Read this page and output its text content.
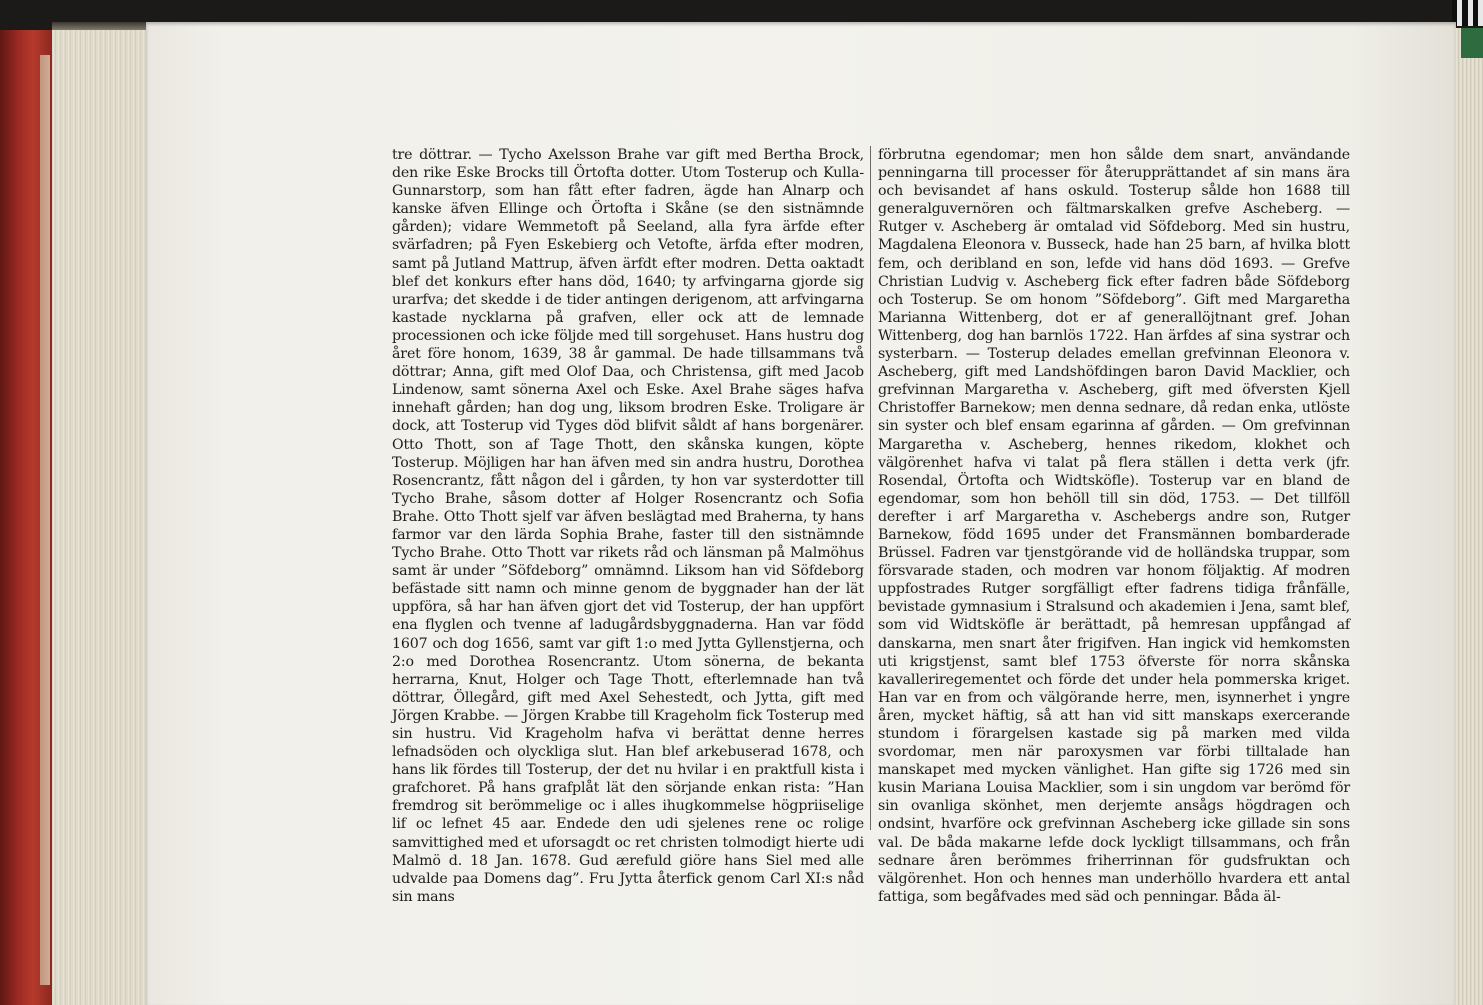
tre döttrar. — Tycho Axelsson Brahe var gift med Bertha Brock, den rike Eske Brocks till Örtofta dotter. Utom Tosterup och Kulla-Gunnarstorp, som han fått efter fadren, ägde han Alnarp och kanske äfven Ellinge och Örtofta i Skåne (se den sistnämnde gården); vidare Wemmetoft på Seeland, alla fyra ärfde efter svärfadren; på Fyen Eskebierg och Vetofte, ärfda efter modren, samt på Jutland Mattrup, äfven ärfdt efter modren. Detta oaktadt blef det konkurs efter hans död, 1640; ty arfvingarna gjorde sig urarfva; det skedde i de tider antingen derigenom, att arfvingarna kastade nycklarna på grafven, eller ock att de lemnade processionen och icke följde med till sorgehuset. Hans hustru dog året före honom, 1639, 38 år gammal. De hade tillsammans två döttrar; Anna, gift med Olof Daa, och Christensa, gift med Jacob Lindenow, samt sönerna Axel och Eske. Axel Brahe säges hafva innehaft gården; han dog ung, liksom brodren Eske. Troligare är dock, att Tosterup vid Tyges död blifvit såldt af hans borgenärer. Otto Thott, son af Tage Thott, den skånska kungen, köpte Tosterup. Möjligen har han äfven med sin andra hustru, Dorothea Rosencrantz, fått någon del i gården, ty hon var systerdotter till Tycho Brahe, såsom dotter af Holger Rosencrantz och Sofia Brahe. Otto Thott sjelf var äfven beslägtad med Braherna, ty hans farmor var den lärda Sophia Brahe, faster till den sistnämnde Tycho Brahe. Otto Thott var rikets råd och länsman på Malmöhus samt är under ”Söfdeborg” omnämnd. Liksom han vid Söfdeborg befästade sitt namn och minne genom de byggnader han der lät uppföra, så har han äfven gjort det vid Tosterup, der han uppfört ena flyglen och tvenne af ladugårdsbyggnaderna. Han var född 1607 och dog 1656, samt var gift 1:o med Jytta Gyllenstjerna, och 2:o med Dorothea Rosencrantz. Utom sönerna, de bekanta herrarna, Knut, Holger och Tage Thott, efterlemnade han två döttrar, Öllegård, gift med Axel Sehestedt, och Jytta, gift med Jörgen Krabbe. — Jörgen Krabbe till Krageholm fick Tosterup med sin hustru. Vid Krageholm hafva vi berättat denne herres lefnadsöden och olyckliga slut. Han blef arkebuserad 1678, och hans lik fördes till Tosterup, der det nu hvilar i en praktfull kista i grafchoret. På hans grafplåt lät den sörjande enkan rista: ”Han fremdrog sit berömmelige oc i alles ihugkommelse högpriiselige lif oc lefnet 45 aar. Endede den udi sjelenes rene oc rolige samvittighed med et uforsagdt oc ret christen tolmodigt hierte udi Malmö d. 18 Jan. 1678. Gud ærefuld giöre hans Siel med alle udvalde paa Domens dag”. Fru Jytta återfick genom Carl XI:s nåd sin mans

förbrutna egendomar; men hon sålde dem snart, användande penningarna till processer för återupprättandet af sin mans ära och bevisandet af hans oskuld. Tosterup sålde hon 1688 till generalguvernören och fältmarskalken grefve Ascheberg. — Rutger v. Ascheberg är omtalad vid Söfdeborg. Med sin hustru, Magdalena Eleonora v. Busseck, hade han 25 barn, af hvilka blott fem, och deribland en son, lefde vid hans död 1693. — Grefve Christian Ludvig v. Ascheberg fick efter fadren både Söfdeborg och Tosterup. Se om honom ”Söfdeborg”. Gift med Margaretha Marianna Wittenberg, dot er af generallöjtnant gref. Johan Wittenberg, dog han barnlös 1722. Han ärfdes af sina systrar och systerbarn. — Tosterup delades emellan grefvinnan Eleonora v. Ascheberg, gift med Landshöfdingen baron David Macklier, och grefvinnan Margaretha v. Ascheberg, gift med öfversten Kjell Christoffer Barnekow; men denna sednare, då redan enka, utlöste sin syster och blef ensam egarinna af gården. — Om grefvinnan Margaretha v. Ascheberg, hennes rikedom, klokhet och välgörenhet hafva vi talat på flera ställen i detta verk (jfr. Rosendal, Örtofta och Widtsköfle). Tosterup var en bland de egendomar, som hon behöll till sin död, 1753. — Det tillföll derefter i arf Margaretha v. Aschebergs andre son, Rutger Barnekow, född 1695 under det Fransmännen bombarderade Brüssel. Fadren var tjenstgörande vid de holländska truppar, som försvarade staden, och modren var honom följaktig. Af modren uppfostrades Rutger sorgfälligt efter fadrens tidiga frånfälle, bevistade gymnasium i Stralsund och akademien i Jena, samt blef, som vid Widtsköfle är berättadt, på hemresan uppfångad af danskarna, men snart åter frigifven. Han ingick vid hemkomsten uti krigstjenst, samt blef 1753 öfverste för norra skånska kavalleriregementet och förde det under hela pommerska kriget. Han var en from och välgörande herre, men, isynnerhet i yngre åren, mycket häftig, så att han vid sitt manskaps exercerande stundom i förargelsen kastade sig på marken med vilda svordomar, men när paroxysmen var förbi tilltalade han manskapet med mycken vänlighet. Han gifte sig 1726 med sin kusin Mariana Louisa Macklier, som i sin ungdom var berömd för sin ovanliga skönhet, men derjemte ansågs högdragen och ondsint, hvarföre ock grefvinnan Ascheberg icke gillade sin sons val. De båda makarne lefde dock lyckligt tillsammans, och från sednare åren berömmes friherrinnan för gudsfruktan och välgörenhet. Hon och hennes man underhöllo hvardera ett antal fattiga, som begåfvades med säd och penningar. Båda äl-
